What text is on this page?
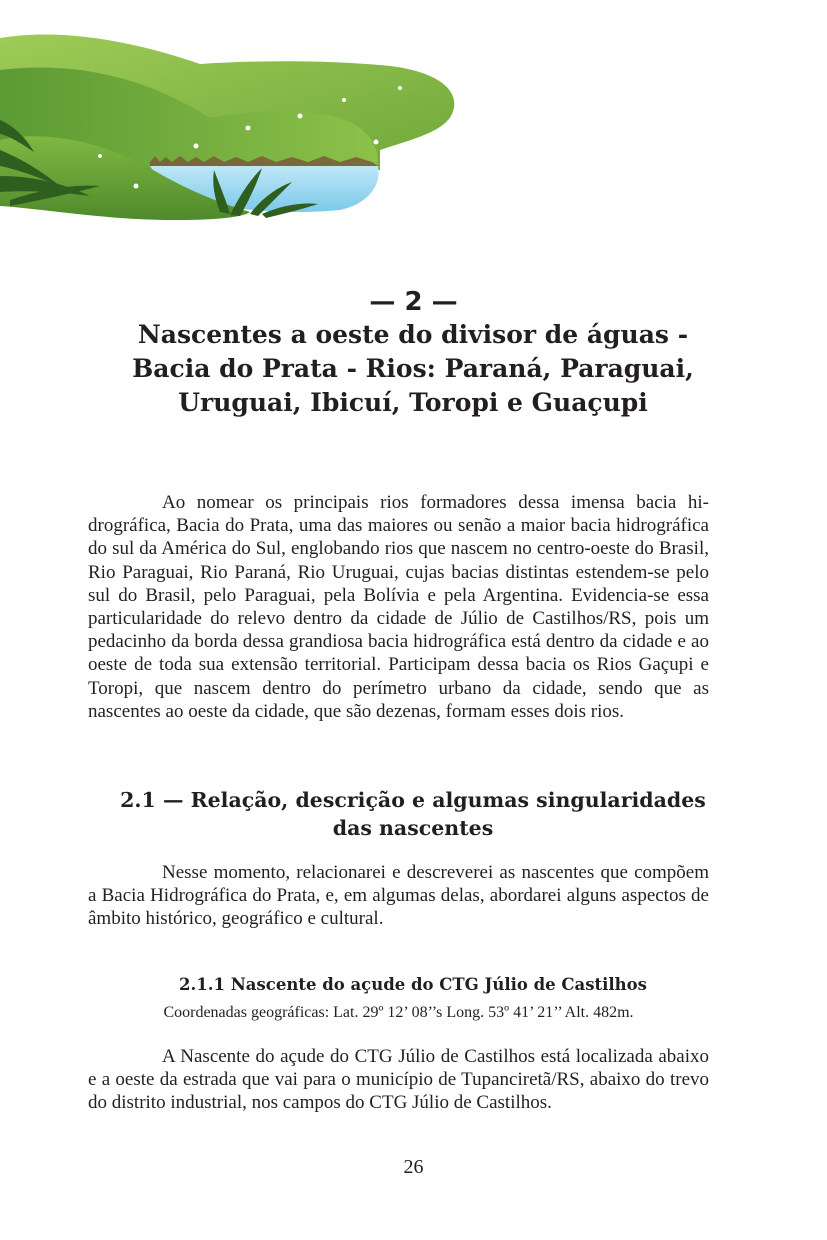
— 2 —
Nascentes a oeste do divisor de águas - Bacia do Prata - Rios: Paraná, Paraguai, Uruguai, Ibicuí, Toropi e Guaçupi

Ao nomear os principais rios formadores dessa imensa bacia hidrográfica, Bacia do Prata, uma das maiores ou senão a maior bacia hidrográfica do sul da América do Sul, englobando rios que nascem no centro-oeste do Brasil, Rio Paraguai, Rio Paraná, Rio Uruguai, cujas bacias distintas estendem-se pelo sul do Brasil, pelo Paraguai, pela Bolívia e pela Argentina. Evidencia-se essa particularidade do relevo dentro da cidade de Júlio de Castilhos/RS, pois um pedacinho da borda dessa grandiosa bacia hidrográfica está dentro da cidade e ao oeste de toda sua extensão territorial. Participam dessa bacia os Rios Gaçupi e Toropi, que nascem dentro do perímetro urbano da cidade, sendo que as nascentes ao oeste da cidade, que são dezenas, formam esses dois rios.

2.1 — Relação, descrição e algumas singularidades das nascentes

Nesse momento, relacionarei e descreverei as nascentes que compõem a Bacia Hidrográfica do Prata, e, em algumas delas, abordarei alguns aspectos de âmbito histórico, geográfico e cultural.

2.1.1 Nascente do açude do CTG Júlio de Castilhos

Coordenadas geográficas: Lat. 29º 12’ 08’’s Long. 53º 41’ 21’’ Alt. 482m.

A Nascente do açude do CTG Júlio de Castilhos está localizada abaixo e a oeste da estrada que vai para o município de Tupanciretã/RS, abaixo do trevo do distrito industrial, nos campos do CTG Júlio de Castilhos.

26
